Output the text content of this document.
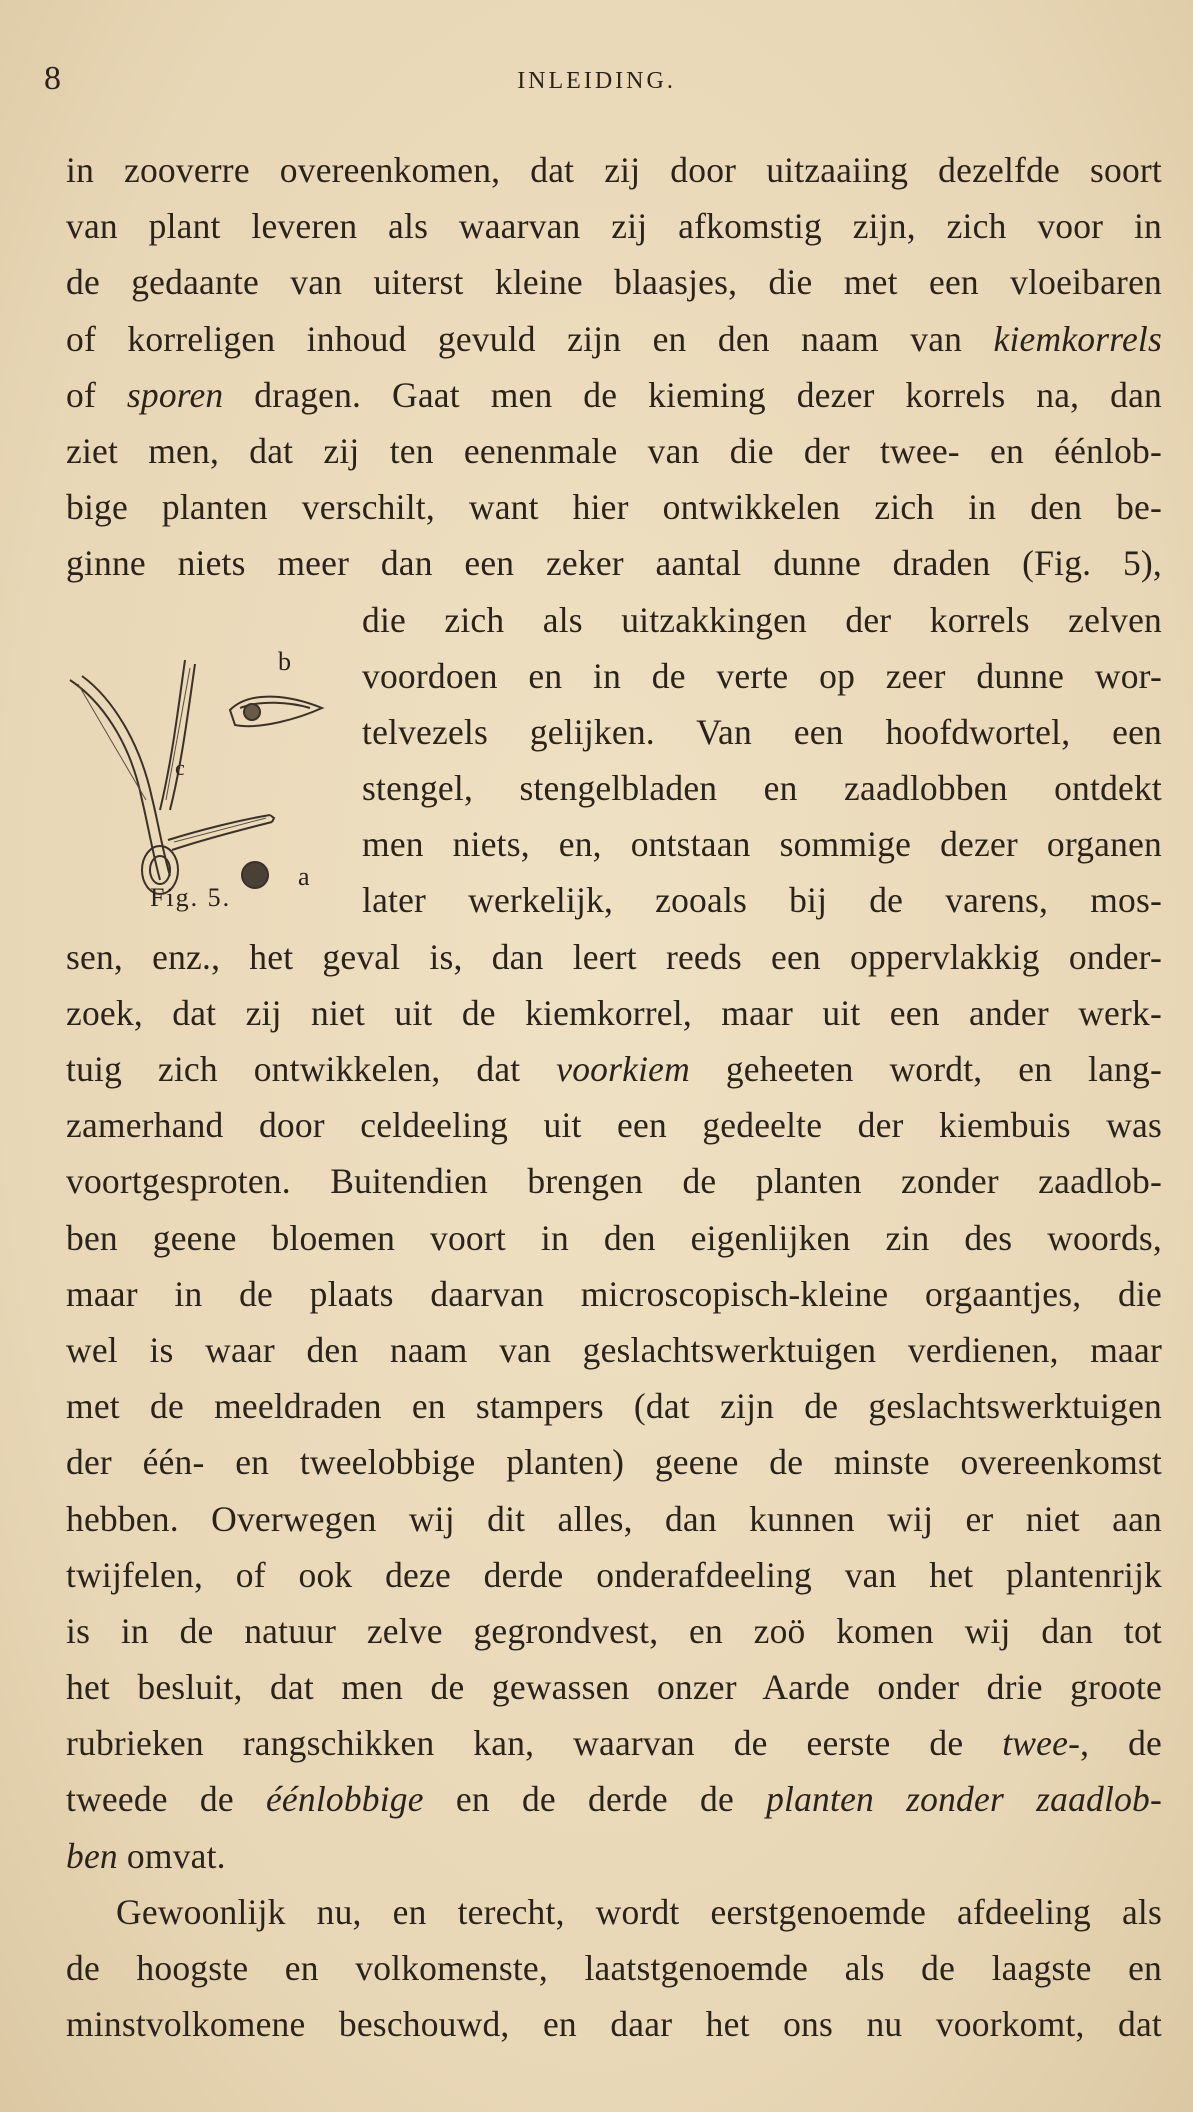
8	INLEIDING.
in zooverre overeenkomen, dat zij door uitzaaiing dezelfde soort
van plant leveren als waarvan zij afkomstig zijn, zich voor in
de gedaante van uiterst kleine blaasjes, die met een vloeibaren
of korreligen inhoud gevuld zijn en den naam van kiemkorrels
of sporen dragen. Gaat men de kieming dezer korrels na, dan
ziet men, dat zij ten eenenmale van die der twee- en éénlob-
bige planten verschilt, want hier ontwikkelen zich in den be-
ginne niets meer dan een zeker aantal dunne draden (Fig. 5),
die zich als uitzakkingen der korrels zelven
voordoen en in de verte op zeer dunne wor-
telvezels gelijken. Van een hoofdwortel, een
stengel, stengelbladen en zaadlobben ontdekt
men niets, en, ontstaan sommige dezer organen
later werkelijk, zooals bij de varens, mos-
sen, enz., het geval is, dan leert reeds een oppervlakkig onder-
zoek, dat zij niet uit de kiemkorrel, maar uit een ander werk-
tuig zich ontwikkelen, dat voorkiem geheeten wordt, en lang-
zamerhand door celdeeling uit een gedeelte der kiembuis was
voortgesproten. Buitendien brengen de planten zonder zaadlob-
ben geene bloemen voort in den eigenlijken zin des woords,
maar in de plaats daarvan microscopisch-kleine orgaantjes, die
wel is waar den naam van geslachtswerktuigen verdienen, maar
met de meeldraden en stampers (dat zijn de geslachtswerktuigen
der één- en tweelobbige planten) geene de minste overeenkomst
hebben. Overwegen wij dit alles, dan kunnen wij er niet aan
twijfelen, of ook deze derde onderafdeeling van het plantenrijk
is in de natuur zelve gegrondvest, en zoö komen wij dan tot
het besluit, dat men de gewassen onzer Aarde onder drie groote
rubrieken rangschikken kan, waarvan de eerste de twee-, de
tweede de éénlobbige en de derde de planten zonder zaadlob-
ben omvat.
Gewoonlijk nu, en terecht, wordt eerstgenoemde afdeeling als
de hoogste en volkomenste, laatstgenoemde als de laagste en
minstvolkomene beschouwd, en daar het ons nu voorkomt, dat
b
c
a
Fig. 5.
